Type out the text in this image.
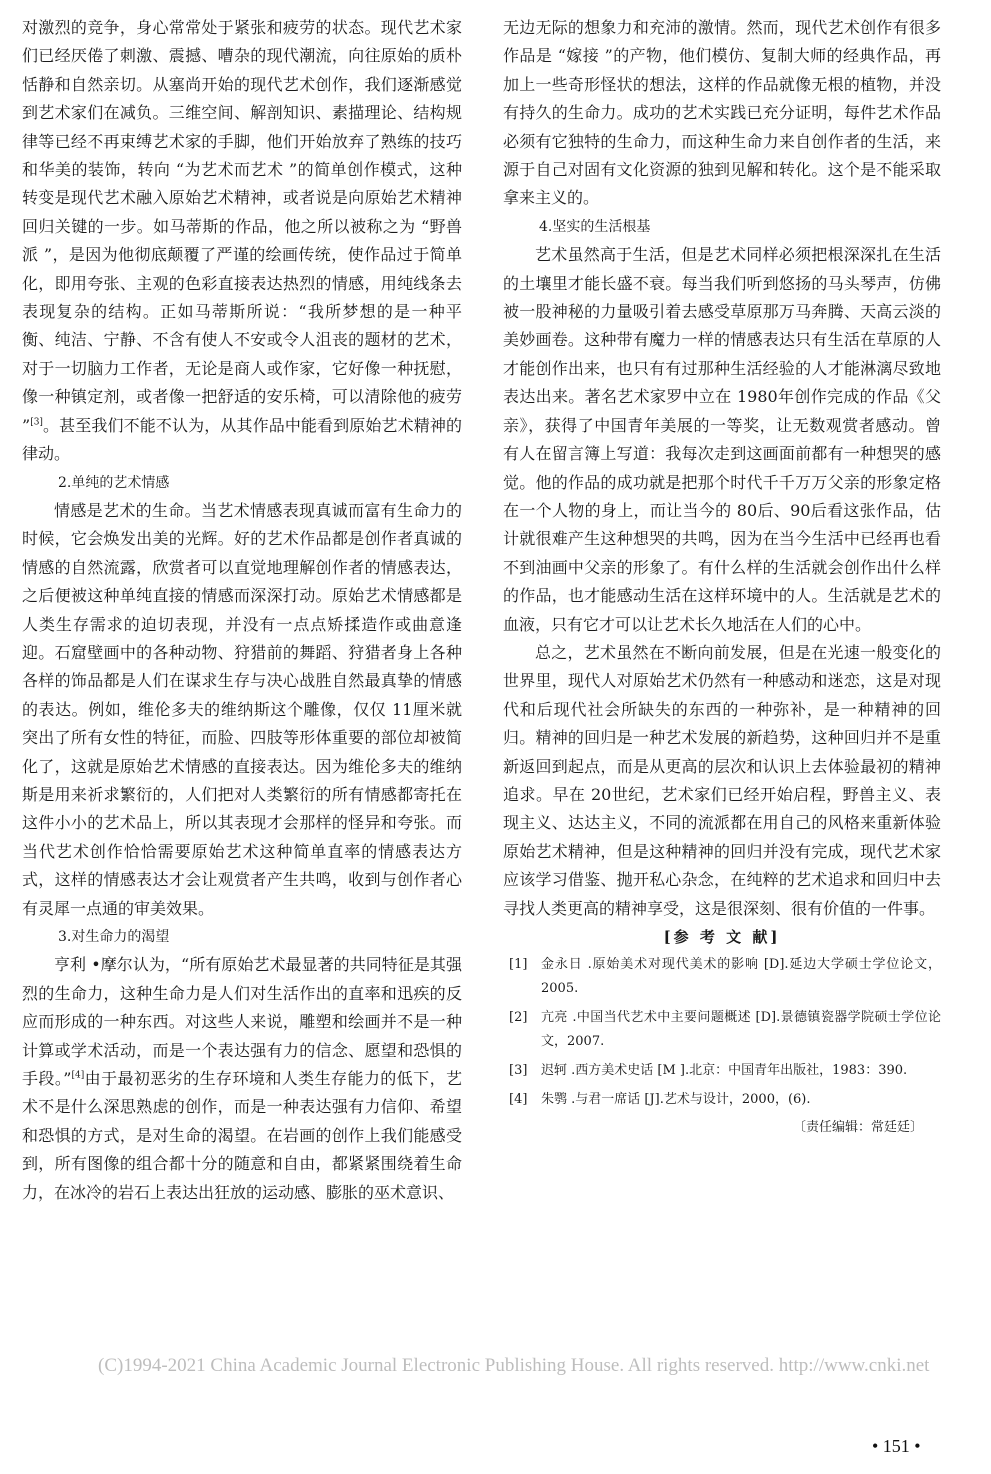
对激烈的竞争，身心常常处于紧张和疲劳的状态。现代艺术家们已经厌倦了刺激、震撼、嘈杂的现代潮流，向往原始的质朴恬静和自然亲切。从塞尚开始的现代艺术创作，我们逐渐感觉到艺术家们在减负。三维空间、解剖知识、素描理论、结构规律等已经不再束缚艺术家的手脚，他们开始放弃了熟练的技巧和华美的装饰，转向 “为艺术而艺术 ”的简单创作模式，这种转变是现代艺术融入原始艺术精神，或者说是向原始艺术精神回归关键的一步。如马蒂斯的作品，他之所以被称之为 “野兽派 ”，是因为他彻底颠覆了严谨的绘画传统，使作品过于简单化，即用夸张、主观的色彩直接表达热烈的情感，用纯线条去表现复杂的结构。正如马蒂斯所说：“我所梦想的是一种平衡、纯洁、宁静、不含有使人不安或令人沮丧的题材的艺术，对于一切脑力工作者，无论是商人或作家，它好像一种抚慰，像一种镇定剂，或者像一把舒适的安乐椅，可以清除他的疲劳 ”[3]。甚至我们不能不认为，从其作品中能看到原始艺术精神的律动。

2.单纯的艺术情感

情感是艺术的生命。当艺术情感表现真诚而富有生命力的时候，它会焕发出美的光辉。好的艺术作品都是创作者真诚的情感的自然流露，欣赏者可以直觉地理解创作者的情感表达，之后便被这种单纯直接的情感而深深打动。原始艺术情感都是人类生存需求的迫切表现，并没有一点点矫揉造作或曲意逢迎。石窟壁画中的各种动物、狩猎前的舞蹈、狩猎者身上各种各样的饰品都是人们在谋求生存与决心战胜自然最真挚的情感的表达。例如，维伦多夫的维纳斯这个雕像，仅仅 11厘米就突出了所有女性的特征，而脸、四肢等形体重要的部位却被简化了，这就是原始艺术情感的直接表达。因为维伦多夫的维纳斯是用来祈求繁衍的，人们把对人类繁衍的所有情感都寄托在这件小小的艺术品上，所以其表现才会那样的怪异和夸张。而当代艺术创作恰恰需要原始艺术这种简单直率的情感表达方式，这样的情感表达才会让观赏者产生共鸣，收到与创作者心有灵犀一点通的审美效果。

3.对生命力的渴望

亨利 •摩尔认为，“所有原始艺术最显著的共同特征是其强烈的生命力，这种生命力是人们对生活作出的直率和迅疾的反应而形成的一种东西。对这些人来说，雕塑和绘画并不是一种计算或学术活动，而是一个表达强有力的信念、愿望和恐惧的手段。”[4]由于最初恶劣的生存环境和人类生存能力的低下，艺术不是什么深思熟虑的创作，而是一种表达强有力信仰、希望和恐惧的方式，是对生命的渴望。在岩画的创作上我们能感受到，所有图像的组合都十分的随意和自由，都紧紧围绕着生命力，在冰冷的岩石上表达出狂放的运动感、膨胀的巫术意识、

无边无际的想象力和充沛的激情。然而，现代艺术创作有很多作品是 “嫁接 ”的产物，他们模仿、复制大师的经典作品，再加上一些奇形怪状的想法，这样的作品就像无根的植物，并没有持久的生命力。成功的艺术实践已充分证明，每件艺术作品必须有它独特的生命力，而这种生命力来自创作者的生活，来源于自己对固有文化资源的独到见解和转化。这个是不能采取拿来主义的。

4.坚实的生活根基

艺术虽然高于生活，但是艺术同样必须把根深深扎在生活的土壤里才能长盛不衰。每当我们听到悠扬的马头琴声，仿佛被一股神秘的力量吸引着去感受草原那万马奔腾、天高云淡的美妙画卷。这种带有魔力一样的情感表达只有生活在草原的人才能创作出来，也只有有过那种生活经验的人才能淋漓尽致地表达出来。著名艺术家罗中立在 1980年创作完成的作品《父亲》，获得了中国青年美展的一等奖，让无数观赏者感动。曾有人在留言簿上写道：我每次走到这画面前都有一种想哭的感觉。他的作品的成功就是把那个时代千千万万父亲的形象定格在一个人物的身上，而让当今的 80后、90后看这张作品，估计就很难产生这种想哭的共鸣，因为在当今生活中已经再也看不到油画中父亲的形象了。有什么样的生活就会创作出什么样的作品，也才能感动生活在这样环境中的人。生活就是艺术的血液，只有它才可以让艺术长久地活在人们的心中。

总之，艺术虽然在不断向前发展，但是在光速一般变化的世界里，现代人对原始艺术仍然有一种感动和迷恋，这是对现代和后现代社会所缺失的东西的一种弥补，是一种精神的回归。精神的回归是一种艺术发展的新趋势，这种回归并不是重新返回到起点，而是从更高的层次和认识上去体验最初的精神追求。早在 20世纪，艺术家们已经开始启程，野兽主义、表现主义、达达主义，不同的流派都在用自己的风格来重新体验原始艺术精神，但是这种精神的回归并没有完成，现代艺术家应该学习借鉴、抛开私心杂念，在纯粹的艺术追求和回归中去寻找人类更高的精神享受，这是很深刻、很有价值的一件事。

[参 考 文 献]
[1] 金永日 .原始美术对现代美术的影响 [D].延边大学硕士学位论文，2005.
[2] 亢亮 .中国当代艺术中主要问题概述 [D].景德镇瓷器学院硕士学位论文，2007.
[3] 迟轲 .西方美术史话 [M ].北京：中国青年出版社，1983：390.
[4] 朱鹗 .与君一席话 [J].艺术与设计，2000，(6).
〔责任编辑：常廷廷〕
(C)1994-2021 China Academic Journal Electronic Publishing House. All rights reserved. http://www.cnki.net
• 151 •
